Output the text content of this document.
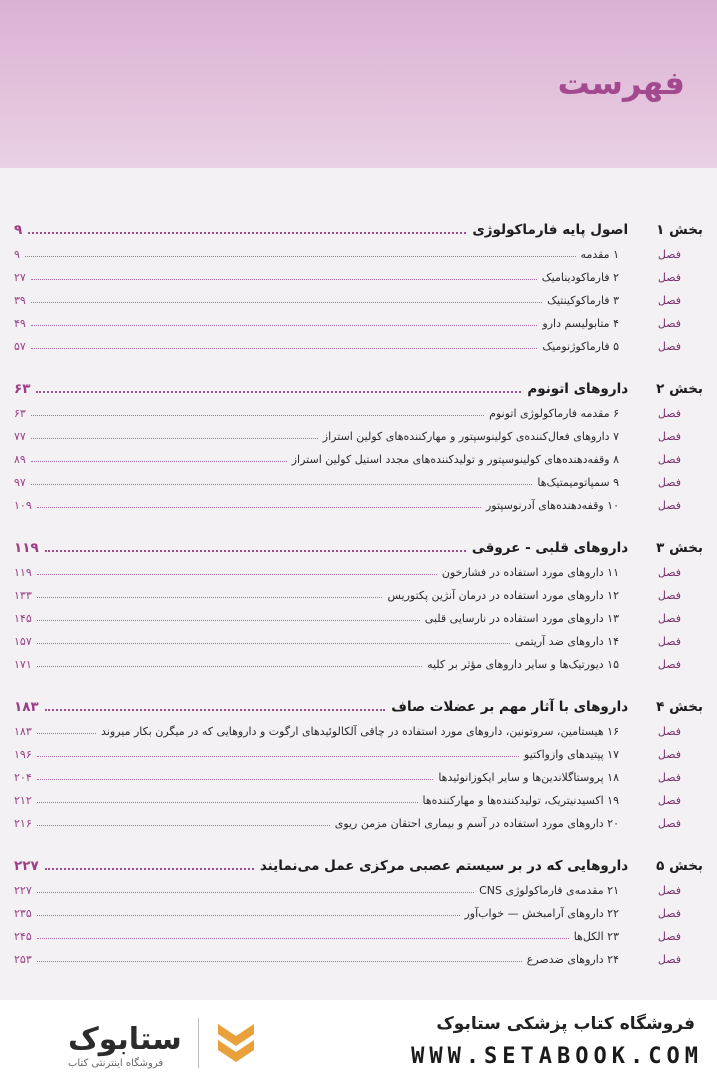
فهرست
بخش ۱
اصول پایه فارماکولوژی
۹
فصل
۱ مقدمه
۹
فصل
۲ فارماکودینامیک
۲۷
فصل
۳ فارماکوکینتیک
۳۹
فصل
۴ متابولیسم دارو
۴۹
فصل
۵ فارماکوژنومیک
۵۷
بخش ۲
داروهای اتونوم
۶۳
فصل
۶ مقدمه فارماکولوژی اتونوم
۶۳
فصل
۷ داروهای فعال‌کننده‌ی کولینوسپتور و مهارکننده‌های کولین استراز
۷۷
فصل
۸ وقفه‌دهنده‌های کولینوسپتور و تولیدکننده‌های مجدد استیل کولین استراز
۸۹
فصل
۹ سمپاتومیمتیک‌ها
۹۷
فصل
۱۰ وقفه‌دهنده‌های آدرنوسپتور
۱۰۹
بخش ۳
داروهای قلبی - عروقی
۱۱۹
فصل
۱۱ داروهای مورد استفاده در فشارخون
۱۱۹
فصل
۱۲ داروهای مورد استفاده در درمان آنژین پکتوریس
۱۳۳
فصل
۱۳ داروهای مورد استفاده در نارسایی قلبی
۱۴۵
فصل
۱۴ داروهای ضد آریتمی
۱۵۷
فصل
۱۵ دیورتیک‌ها و سایر داروهای مؤثر بر کلیه
۱۷۱
بخش ۴
داروهای با آثار مهم بر عضلات صاف
۱۸۳
فصل
۱۶ هیستامین، سروتونین، داروهای مورد استفاده در چاقی آلکالوئیدهای ارگوت و داروهایی که در میگرن بکار میروند
۱۸۳
فصل
۱۷ پپتیدهای وازواکتیو
۱۹۶
فصل
۱۸ پروستاگلاندین‌ها و سایر ایکوزانوئیدها
۲۰۴
فصل
۱۹ اکسیدنیتریک، تولیدکننده‌ها و مهارکننده‌ها
۲۱۲
فصل
۲۰ داروهای مورد استفاده در آسم و بیماری احتقان مزمن ریوی
۲۱۶
بخش ۵
داروهایی که در بر سیستم عصبی مرکزی عمل می‌نمایند
۲۲۷
فصل
۲۱ مقدمه‌ی فارماکولوژی CNS
۲۲۷
فصل
۲۲ داروهای آرامبخش — خواب‌آور
۲۳۵
فصل
۲۳ الکل‌ها
۲۴۵
فصل
۲۴ داروهای ضدصرع
۲۵۳
ستابوک
فروشگاه اینترنتی کتاب
فروشگاه کتاب پزشکی ستابوک
WWW.SETABOOK.COM
